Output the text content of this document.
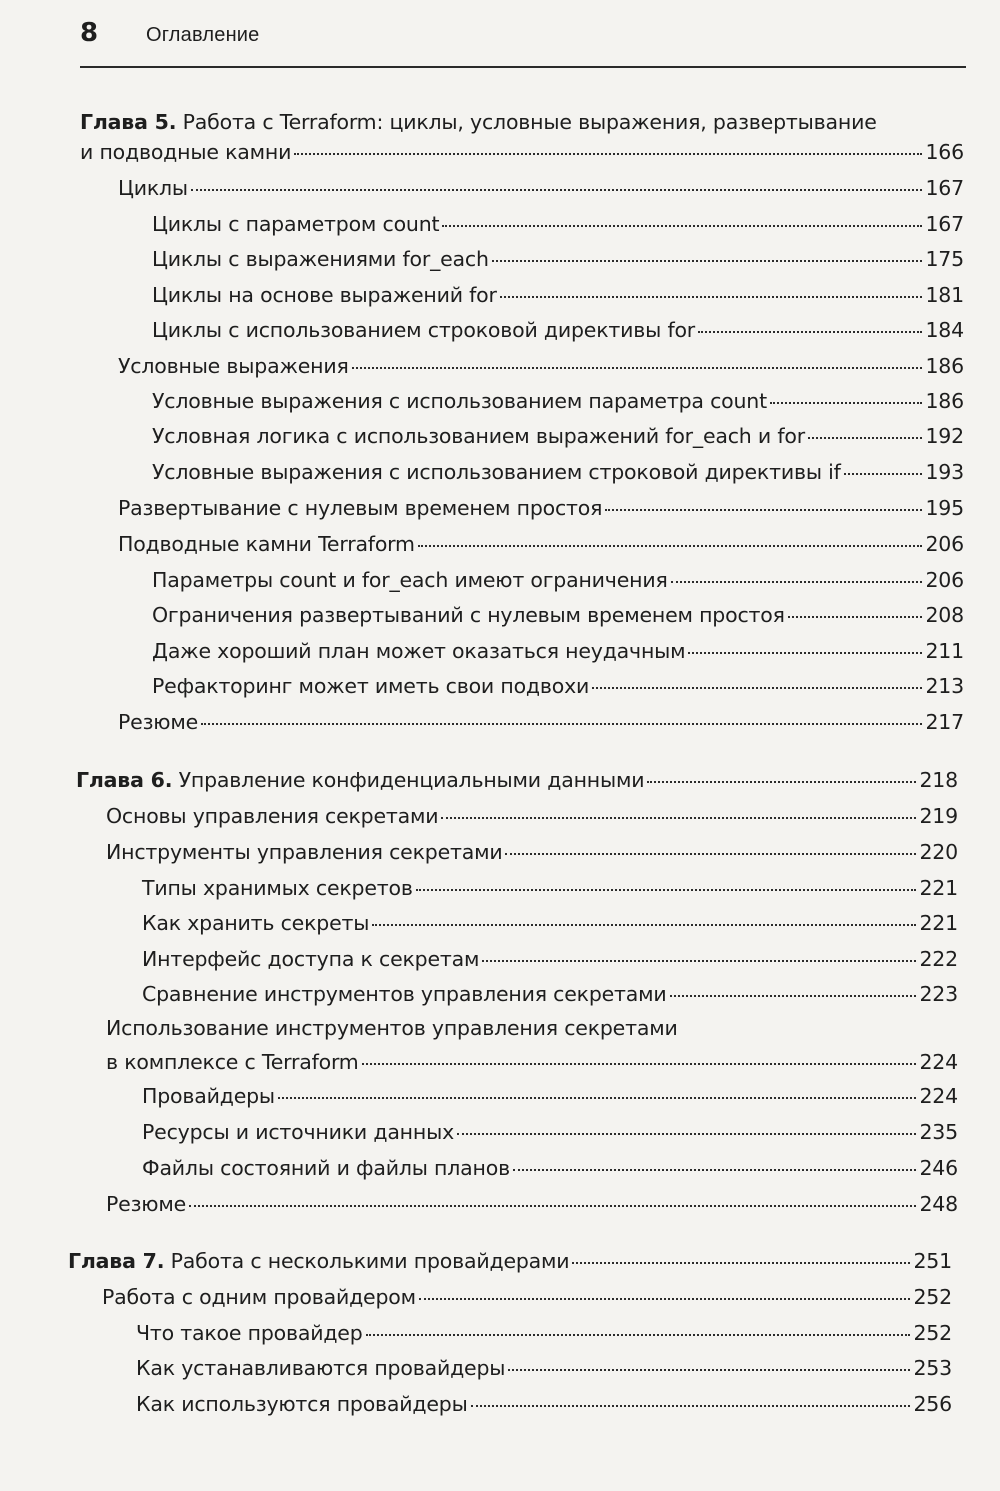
8	Оглавление
Глава 5. Работа с Terraform: циклы, условные выражения, развертывание
и подводные камни	166
Циклы	167
Циклы с параметром count	167
Циклы с выражениями for_each	175
Циклы на основе выражений for	181
Циклы с использованием строковой директивы for	184
Условные выражения	186
Условные выражения с использованием параметра count	186
Условная логика с использованием выражений for_each и for	192
Условные выражения с использованием строковой директивы if	193
Развертывание с нулевым временем простоя	195
Подводные камни Terraform	206
Параметры count и for_each имеют ограничения	206
Ограничения развертываний с нулевым временем простоя	208
Даже хороший план может оказаться неудачным	211
Рефакторинг может иметь свои подвохи	213
Резюме	217
Глава 6. Управление конфиденциальными данными	218
Основы управления секретами	219
Инструменты управления секретами	220
Типы хранимых секретов	221
Как хранить секреты	221
Интерфейс доступа к секретам	222
Сравнение инструментов управления секретами	223
Использование инструментов управления секретами
в комплексе с Terraform	224
Провайдеры	224
Ресурсы и источники данных	235
Файлы состояний и файлы планов	246
Резюме	248
Глава 7. Работа с несколькими провайдерами	251
Работа с одним провайдером	252
Что такое провайдер	252
Как устанавливаются провайдеры	253
Как используются провайдеры	256
